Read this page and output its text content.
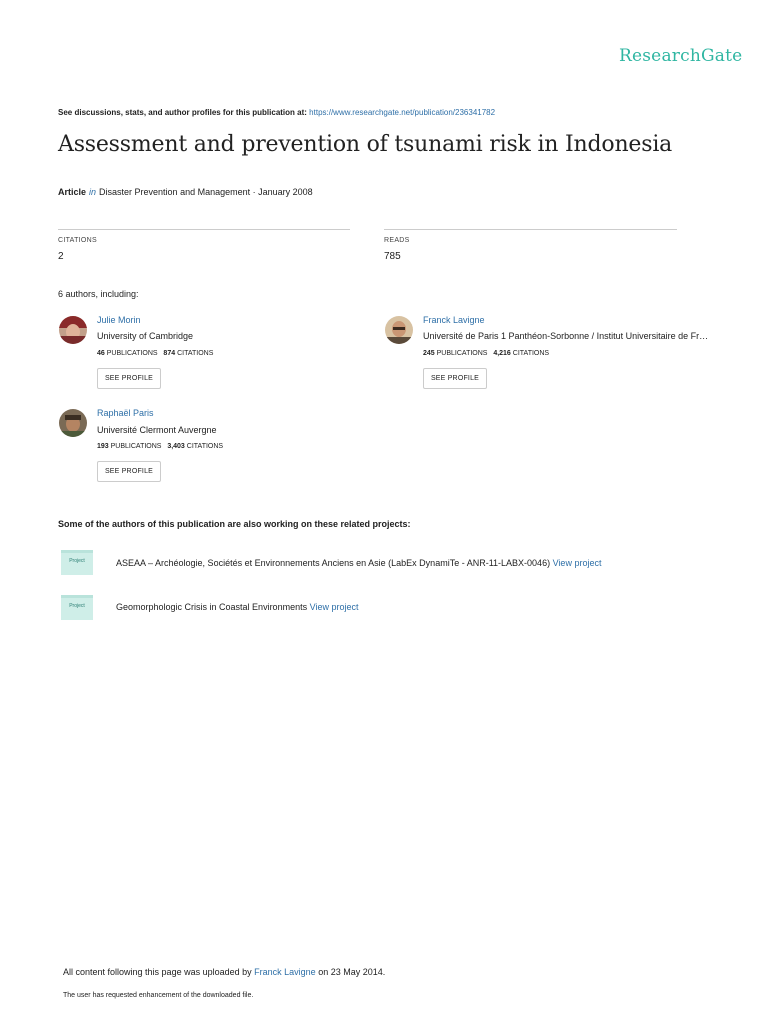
ResearchGate
See discussions, stats, and author profiles for this publication at: https://www.researchgate.net/publication/236341782
Assessment and prevention of tsunami risk in Indonesia
Article in Disaster Prevention and Management · January 2008
CITATIONS
2
READS
785
6 authors, including:
Julie Morin
University of Cambridge
46 PUBLICATIONS 874 CITATIONS
SEE PROFILE
Franck Lavigne
Université de Paris 1 Panthéon-Sorbonne / Institut Universitaire de Fr…
245 PUBLICATIONS 4,216 CITATIONS
SEE PROFILE
Raphaël Paris
Université Clermont Auvergne
193 PUBLICATIONS 3,403 CITATIONS
SEE PROFILE
Some of the authors of this publication are also working on these related projects:
Project	ASEAA – Archéologie, Sociétés et Environnements Anciens en Asie (LabEx DynamiTe - ANR-11-LABX-0046) View project
Project	Geomorphologic Crisis in Coastal Environments View project
All content following this page was uploaded by Franck Lavigne on 23 May 2014.
The user has requested enhancement of the downloaded file.
